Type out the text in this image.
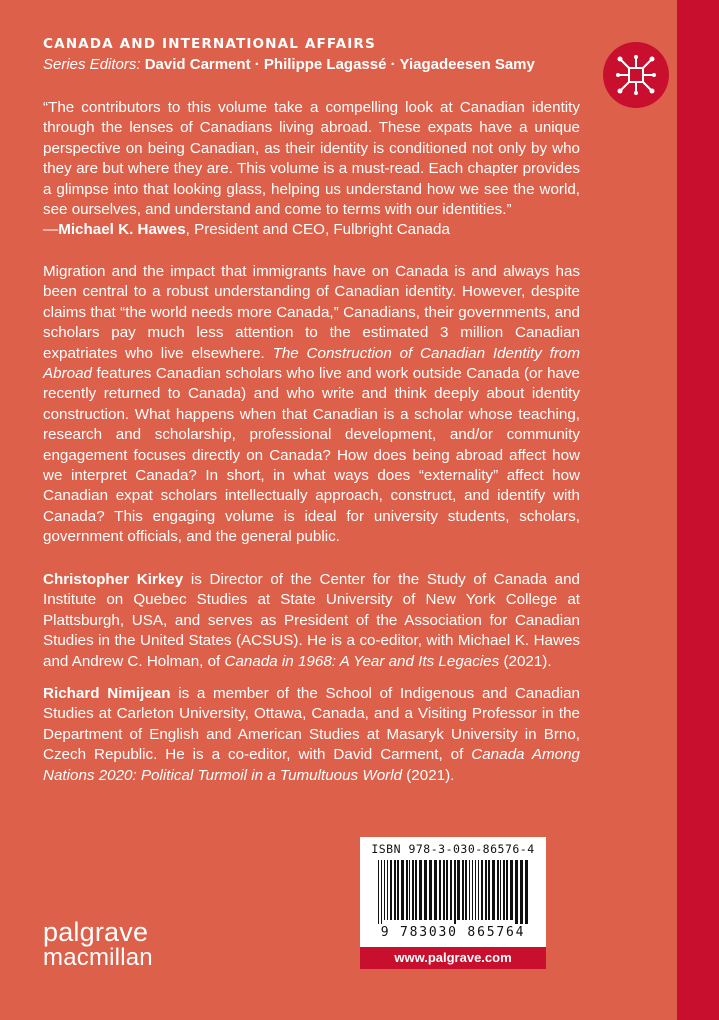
CANADA AND INTERNATIONAL AFFAIRS
Series Editors: David Carment · Philippe Lagassé · Yiagadeesen Samy
“The contributors to this volume take a compelling look at Canadian identity through the lenses of Canadians living abroad. These expats have a unique perspective on being Canadian, as their identity is conditioned not only by who they are but where they are. This volume is a must-read. Each chapter provides a glimpse into that looking glass, helping us understand how we see the world, see ourselves, and understand and come to terms with our identities.”
—Michael K. Hawes, President and CEO, Fulbright Canada
Migration and the impact that immigrants have on Canada is and always has been central to a robust understanding of Canadian identity. However, despite claims that “the world needs more Canada,” Canadians, their governments, and scholars pay much less attention to the estimated 3 million Canadian expatriates who live elsewhere. The Construction of Canadian Identity from Abroad features Canadian scholars who live and work outside Canada (or have recently returned to Canada) and who write and think deeply about identity construction. What happens when that Canadian is a scholar whose teaching, research and scholarship, professional development, and/or community engagement focuses directly on Canada? How does being abroad affect how we interpret Canada? In short, in what ways does “externality” affect how Canadian expat scholars intellectually approach, construct, and identify with Canada? This engaging volume is ideal for university students, scholars, government officials, and the general public.
Christopher Kirkey is Director of the Center for the Study of Canada and Institute on Quebec Studies at State University of New York College at Plattsburgh, USA, and serves as President of the Association for Canadian Studies in the United States (ACSUS). He is a co-editor, with Michael K. Hawes and Andrew C. Holman, of Canada in 1968: A Year and Its Legacies (2021).
Richard Nimijean is a member of the School of Indigenous and Canadian Studies at Carleton University, Ottawa, Canada, and a Visiting Professor in the Department of English and American Studies at Masaryk University in Brno, Czech Republic. He is a co-editor, with David Carment, of Canada Among Nations 2020: Political Turmoil in a Tumultuous World (2021).
ISBN 978-3-030-86576-4
9 783030 865764
www.palgrave.com
palgrave
macmillan
